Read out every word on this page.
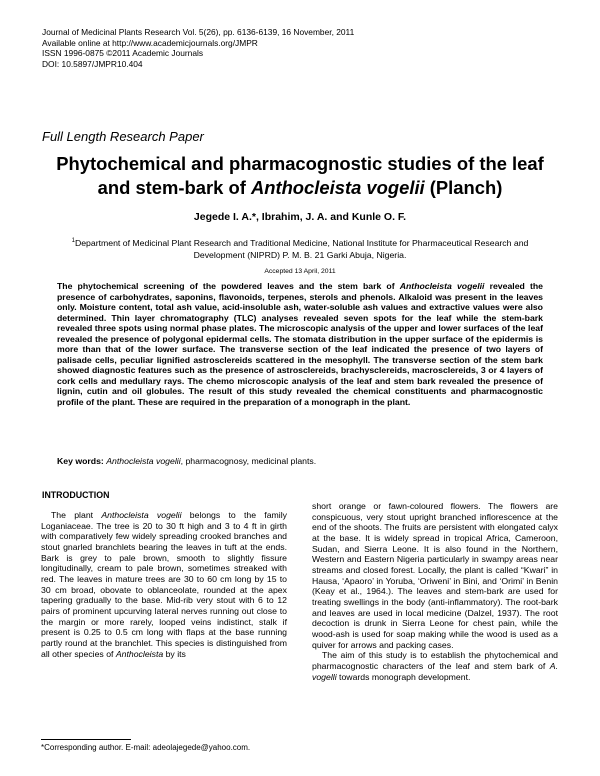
Journal of Medicinal Plants Research Vol. 5(26), pp. 6136-6139, 16 November, 2011
Available online at http://www.academicjournals.org/JMPR
ISSN 1996-0875 ©2011 Academic Journals
DOI: 10.5897/JMPR10.404
Full Length Research Paper
Phytochemical and pharmacognostic studies of the leaf
and stem-bark of Anthocleista vogelii (Planch)
Jegede I. A.*, Ibrahim, J. A. and Kunle O. F.
$^1$Department of Medicinal Plant Research and Traditional Medicine, National Institute for Pharmaceutical Research and Development (NIPRD) P. M. B. 21 Garki Abuja, Nigeria.
Accepted 13 April, 2011
The phytochemical screening of the powdered leaves and the stem bark of Anthocleista vogelii revealed the presence of carbohydrates, saponins, flavonoids, terpenes, sterols and phenols. Alkaloid was present in the leaves only. Moisture content, total ash value, acid-insoluble ash, water-soluble ash values and extractive values were also determined. Thin layer chromatography (TLC) analyses revealed seven spots for the leaf while the stem-bark revealed three spots using normal phase plates. The microscopic analysis of the upper and lower surfaces of the leaf revealed the presence of polygonal epidermal cells. The stomata distribution in the upper surface of the epidermis is more than that of the lower surface. The transverse section of the leaf indicated the presence of two layers of palisade cells, peculiar lignified astrosclereids scattered in the mesophyll. The transverse section of the stem bark showed diagnostic features such as the presence of astrosclereids, brachysclereids, macrosclereids, 3 or 4 layers of cork cells and medullary rays. The chemo microscopic analysis of the leaf and stem bark revealed the presence of lignin, cutin and oil globules. The result of this study revealed the chemical constituents and pharmacognostic profile of the plant. These are required in the preparation of a monograph in the plant.
Key words: Anthocleista vogelii, pharmacognosy, medicinal plants.
INTRODUCTION

The plant Anthocleista vogelii belongs to the family Loganiaceae. The tree is 20 to 30 ft high and 3 to 4 ft in girth with comparatively few widely spreading crooked branches and stout gnarled branchlets bearing the leaves in tuft at the ends. Bark is grey to pale brown, smooth to slightly fissure longitudinally, cream to pale brown, sometimes streaked with red. The leaves in mature trees are 30 to 60 cm long by 15 to 30 cm broad, obovate to oblanceolate, rounded at the apex tapering gradually to the base. Mid-rib very stout with 6 to 12 pairs of prominent upcurving lateral nerves running out close to the margin or more rarely, looped veins indistinct, stalk if present is 0.25 to 0.5 cm long with flaps at the base running partly round at the branchlet. This species is distinguished from all other species of Anthocleista by its

short orange or fawn-coloured flowers. The flowers are conspicuous, very stout upright branched inflorescence at the end of the shoots. The fruits are persistent with elongated calyx at the base. It is widely spread in tropical Africa, Cameroon, Sudan, and Sierra Leone. It is also found in the Northern, Western and Eastern Nigeria particularly in swampy areas near streams and closed forest. Locally, the plant is called “Kwari” in Hausa, ‘Apaoro’ in Yoruba, ‘Oriweni’ in Bini, and ‘Orimi’ in Benin (Keay et al., 1964.). The leaves and stem-bark are used for treating swellings in the body (anti-inflammatory). The root-bark and leaves are used in local medicine (Dalzel, 1937). The root decoction is drunk in Sierra Leone for chest pain, while the wood-ash is used for soap making while the wood is used as a quiver for arrows and packing cases.

The aim of this study is to establish the phytochemical and pharmacognostic characters of the leaf and stem bark of A. vogelli towards monograph development.

*Corresponding author. E-mail: adeolajegede@yahoo.com.
